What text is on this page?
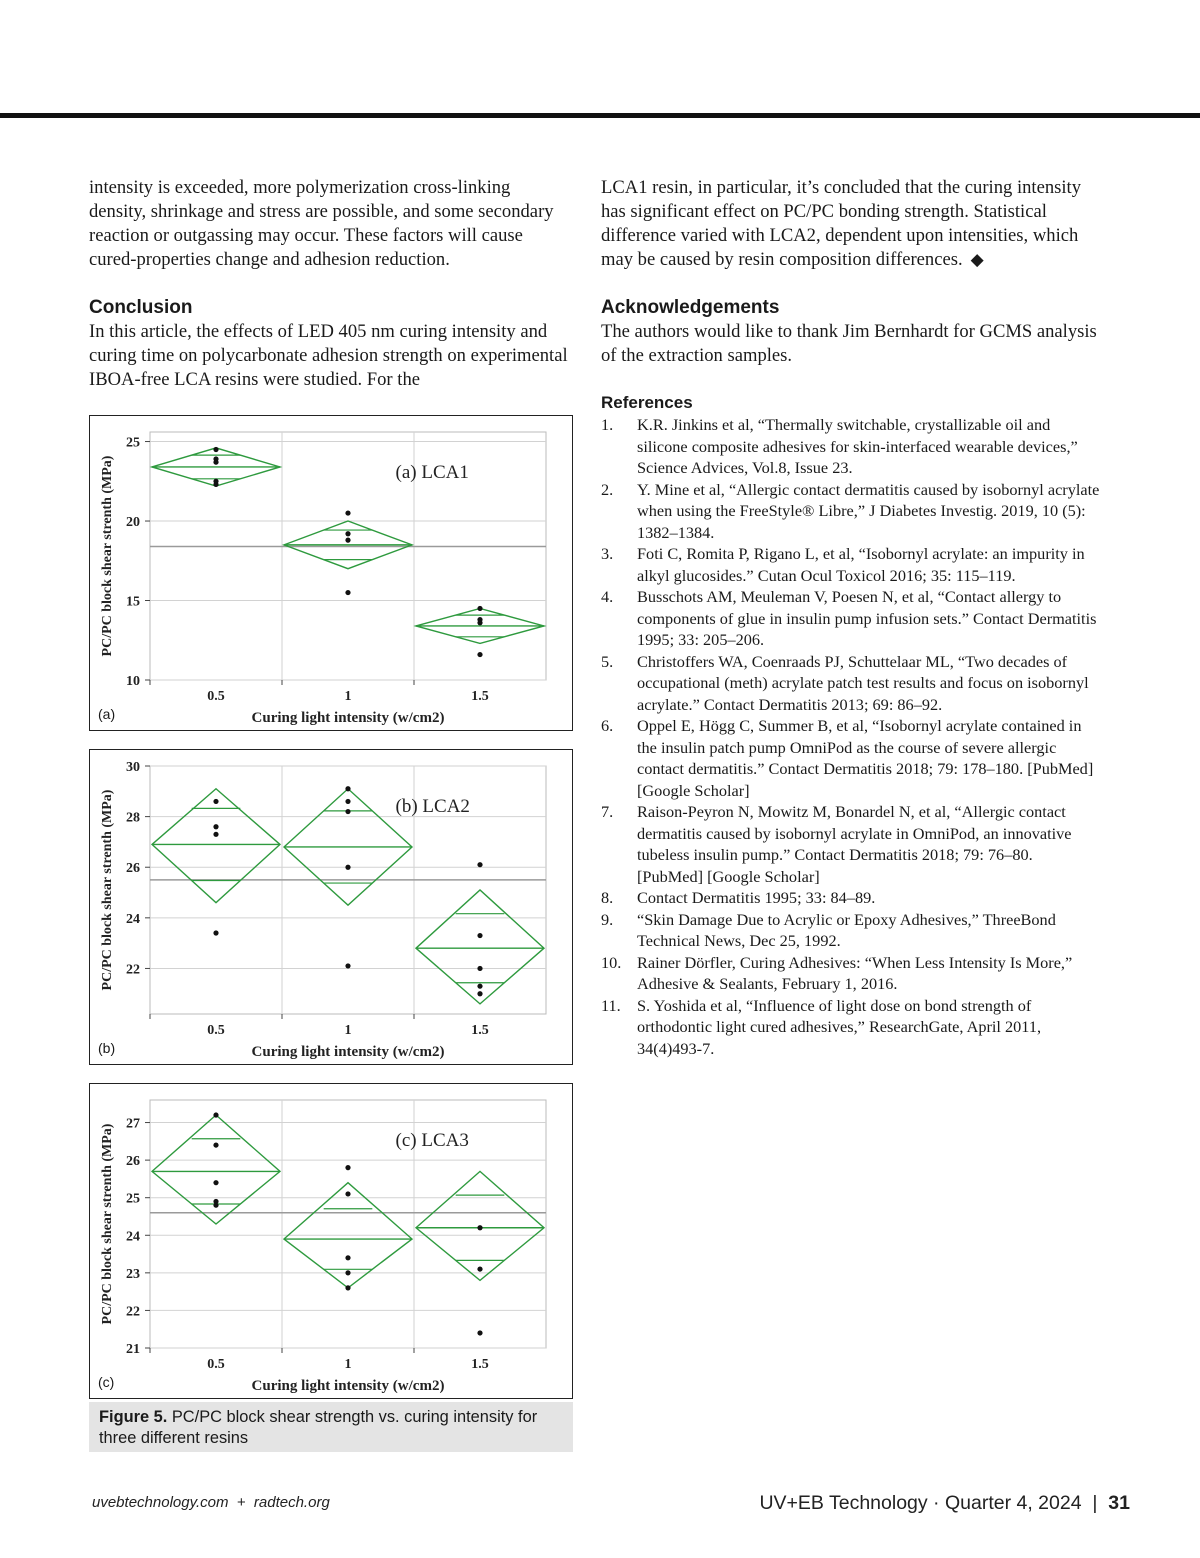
intensity is exceeded, more polymerization cross-linking density, shrinkage and stress are possible, and some secondary reaction or outgassing may occur. These factors will cause cured-properties change and adhesion reduction.

Conclusion

In this article, the effects of LED 405 nm curing intensity and curing time on polycarbonate adhesion strength on experimental IBOA-free LCA resins were studied. For the

25
20
15
10
0.5	1	1.5
(a) LCA1
Curing light intensity (w/cm2)
PC/PC block shear strenth (MPa)
(a)
30
28
26
24
22
0.5	1	1.5
(b) LCA2
Curing light intensity (w/cm2)
PC/PC block shear strenth (MPa)
(b)
27
26
25
24
23
22
21
0.5	1	1.5
(c) LCA3
Curing light intensity (w/cm2)
PC/PC block shear strenth (MPa)
(c)
Figure 5. PC/PC block shear strength vs. curing intensity for three different resins

LCA1 resin, in particular, it’s concluded that the curing intensity has significant effect on PC/PC bonding strength. Statistical difference varied with LCA2, dependent upon intensities, which may be caused by resin composition differences. ◆

Acknowledgements

The authors would like to thank Jim Bernhardt for GCMS analysis of the extraction samples.

References
1. K.R. Jinkins et al, “Thermally switchable, crystallizable oil and silicone composite adhesives for skin-interfaced wearable devices,” Science Advices, Vol.8, Issue 23.
2. Y. Mine et al, “Allergic contact dermatitis caused by isobornyl acrylate when using the FreeStyle® Libre,” J Diabetes Investig. 2019, 10 (5): 1382–1384.
3. Foti C, Romita P, Rigano L, et al, “Isobornyl acrylate: an impurity in alkyl glucosides.” Cutan Ocul Toxicol 2016; 35: 115–119.
4. Busschots AM, Meuleman V, Poesen N, et al, “Contact allergy to components of glue in insulin pump infusion sets.” Contact Dermatitis 1995; 33: 205–206.
5. Christoffers WA, Coenraads PJ, Schuttelaar ML, “Two decades of occupational (meth) acrylate patch test results and focus on isobornyl acrylate.” Contact Dermatitis 2013; 69: 86–92.
6. Oppel E, Högg C, Summer B, et al, “Isobornyl acrylate contained in the insulin patch pump OmniPod as the course of severe allergic contact dermatitis.” Contact Dermatitis 2018; 79: 178–180. [PubMed] [Google Scholar]
7. Raison-Peyron N, Mowitz M, Bonardel N, et al, “Allergic contact dermatitis caused by isobornyl acrylate in OmniPod, an innovative tubeless insulin pump.” Contact Dermatitis 2018; 79: 76–80. [PubMed] [Google Scholar]
8. Contact Dermatitis 1995; 33: 84–89.
9. “Skin Damage Due to Acrylic or Epoxy Adhesives,” ThreeBond Technical News, Dec 25, 1992.
10. Rainer Dörfler, Curing Adhesives: “When Less Intensity Is More,” Adhesive & Sealants, February 1, 2016.
11. S. Yoshida et al, “Influence of light dose on bond strength of orthodontic light cured adhesives,” ResearchGate, April 2011, 34(4)493-7.
uvebtechnology.com  +  radtech.org	UV+EB Technology · Quarter 4, 2024  |  31
